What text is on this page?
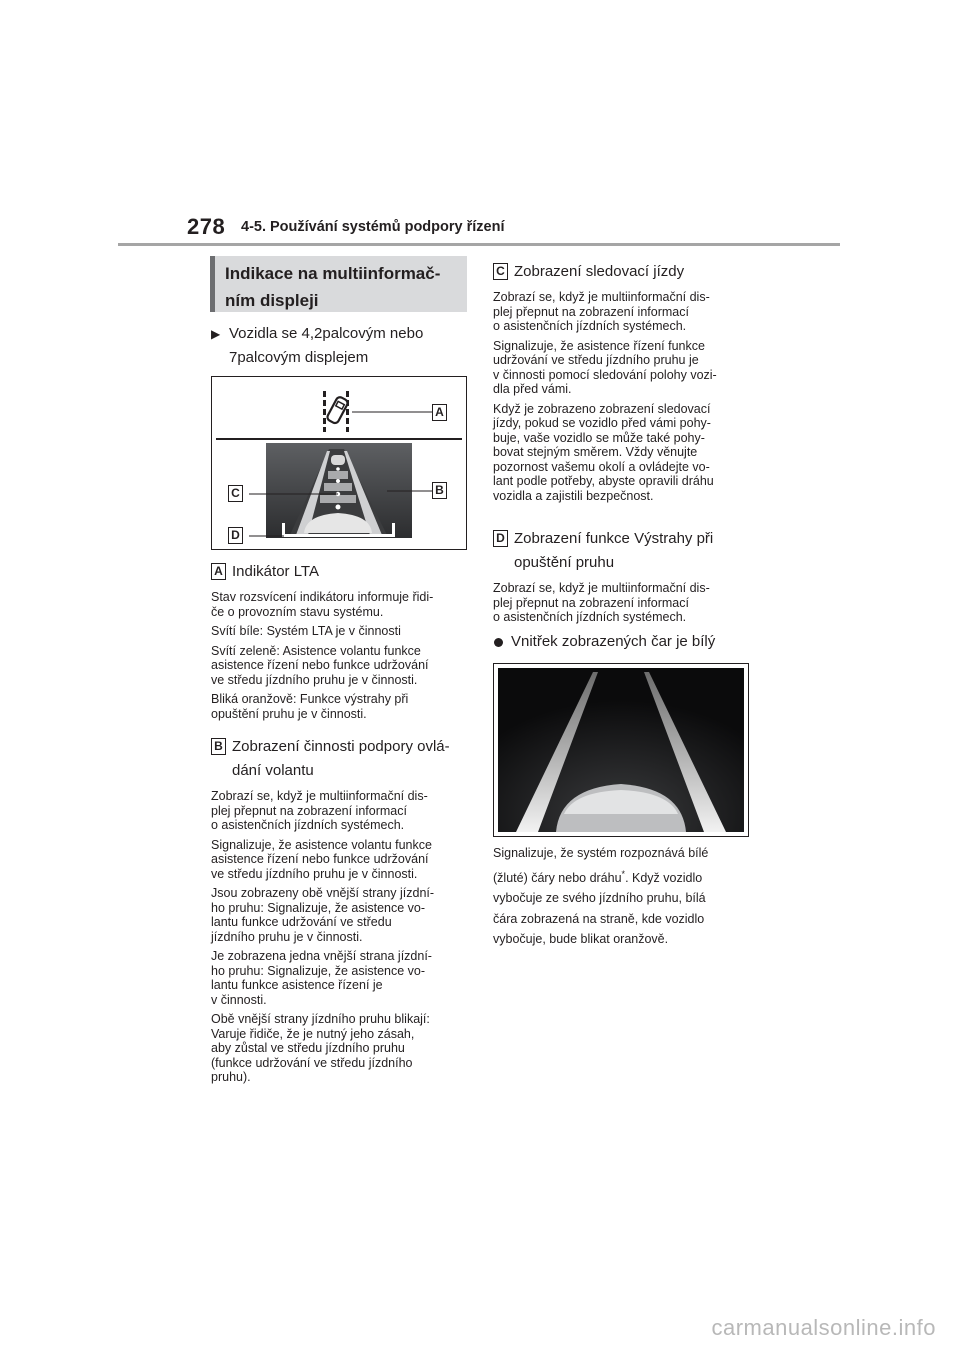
278 4-5. Používání systémů podpory řízení

Indikace na multiinformač-

ním displeji

▶ Vozidla se 4,2palcovým nebo
7palcovým displejem
A
B
C
D
A Indikátor LTA

Stav rozsvícení indikátoru informuje řidi-
če o provozním stavu systému.

Svítí bíle: Systém LTA je v činnosti

Svítí zeleně: Asistence volantu funkce
asistence řízení nebo funkce udržování
ve středu jízdního pruhu je v činnosti.

Bliká oranžově: Funkce výstrahy při
opuštění pruhu je v činnosti.

B Zobrazení činnosti podpory ovlá-
dání volantu

Zobrazí se, když je multiinformační dis-
plej přepnut na zobrazení informací
o asistenčních jízdních systémech.

Signalizuje, že asistence volantu funkce
asistence řízení nebo funkce udržování
ve středu jízdního pruhu je v činnosti.

Jsou zobrazeny obě vnější strany jízdní-
ho pruhu: Signalizuje, že asistence vo-
lantu funkce udržování ve středu
jízdního pruhu je v činnosti.

Je zobrazena jedna vnější strana jízdní-
ho pruhu: Signalizuje, že asistence vo-
lantu funkce asistence řízení je
v činnosti.

Obě vnější strany jízdního pruhu blikají:
Varuje řidiče, že je nutný jeho zásah,
aby zůstal ve středu jízdního pruhu
(funkce udržování ve středu jízdního
pruhu).

C Zobrazení sledovací jízdy

Zobrazí se, když je multiinformační dis-
plej přepnut na zobrazení informací
o asistenčních jízdních systémech.

Signalizuje, že asistence řízení funkce
udržování ve středu jízdního pruhu je
v činnosti pomocí sledování polohy vozi-
dla před vámi.

Když je zobrazeno zobrazení sledovací
jízdy, pokud se vozidlo před vámi pohy-
buje, vaše vozidlo se může také pohy-
bovat stejným směrem. Vždy věnujte
pozornost vašemu okolí a ovládejte vo-
lant podle potřeby, abyste opravili dráhu
vozidla a zajistili bezpečnost.

D Zobrazení funkce Výstrahy při
opuštění pruhu

Zobrazí se, když je multiinformační dis-
plej přepnut na zobrazení informací
o asistenčních jízdních systémech.

Vnitřek zobrazených čar je bílý

Signalizuje, že systém rozpoznává bílé

(žluté) čáry nebo dráhu*. Když vozidlo

vybočuje ze svého jízdního pruhu, bílá

čára zobrazená na straně, kde vozidlo

vybočuje, bude blikat oranžově.

carmanualsonline.info
